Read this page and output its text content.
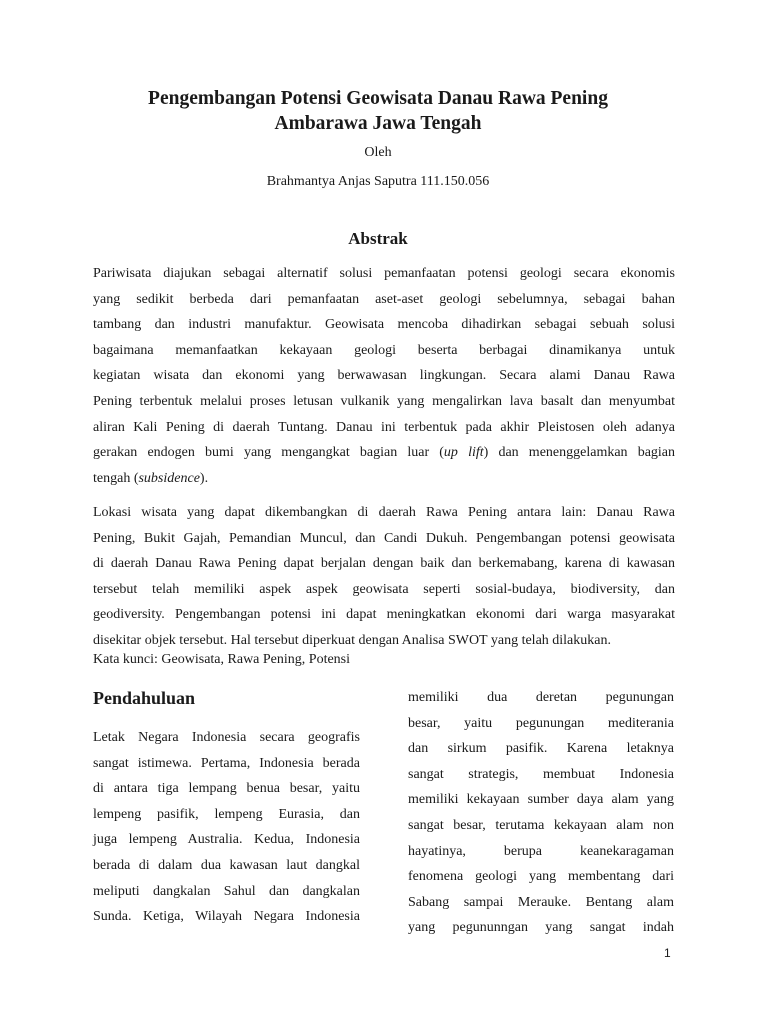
Pengembangan Potensi Geowisata Danau Rawa Pening
Ambarawa Jawa Tengah
Oleh
Brahmantya Anjas Saputra 111.150.056
Abstrak
Pariwisata diajukan sebagai alternatif solusi pemanfaatan potensi geologi secara ekonomis
yang sedikit berbeda dari pemanfaatan aset-aset geologi sebelumnya, sebagai bahan
tambang dan industri manufaktur. Geowisata mencoba dihadirkan sebagai sebuah solusi
bagaimana memanfaatkan kekayaan geologi beserta berbagai dinamikanya untuk
kegiatan wisata dan ekonomi yang berwawasan lingkungan. Secara alami Danau Rawa
Pening terbentuk melalui proses letusan vulkanik yang mengalirkan lava basalt dan menyumbat
aliran Kali Pening di daerah Tuntang. Danau ini terbentuk pada akhir Pleistosen oleh adanya
gerakan endogen bumi yang mengangkat bagian luar (up lift) dan menenggelamkan bagian
tengah (subsidence).
Lokasi wisata yang dapat dikembangkan di daerah Rawa Pening antara lain: Danau Rawa
Pening, Bukit Gajah, Pemandian Muncul, dan Candi Dukuh. Pengembangan potensi geowisata
di daerah Danau Rawa Pening dapat berjalan dengan baik dan berkemabang, karena di kawasan
tersebut telah memiliki aspek aspek geowisata seperti sosial-budaya, biodiversity, dan
geodiversity. Pengembangan potensi ini dapat meningkatkan ekonomi dari warga masyarakat
disekitar objek tersebut. Hal tersebut diperkuat dengan Analisa SWOT yang telah dilakukan.
Kata kunci: Geowisata, Rawa Pening, Potensi
Pendahuluan
Letak Negara Indonesia secara geografis
sangat istimewa. Pertama, Indonesia berada
di antara tiga lempang benua besar, yaitu
lempeng pasifik, lempeng Eurasia, dan
juga lempeng Australia. Kedua, Indonesia
berada di dalam dua kawasan laut dangkal
meliputi dangkalan Sahul dan dangkalan
Sunda. Ketiga, Wilayah Negara Indonesia
memiliki dua deretan pegunungan
besar, yaitu pegunungan mediterania
dan sirkum pasifik. Karena letaknya
sangat strategis, membuat Indonesia
memiliki kekayaan sumber daya alam yang
sangat besar, terutama kekayaan alam non
hayatinya, berupa keanekaragaman
fenomena geologi yang membentang dari
Sabang sampai Merauke. Bentang alam
yang pegununngan yang sangat indah
1
